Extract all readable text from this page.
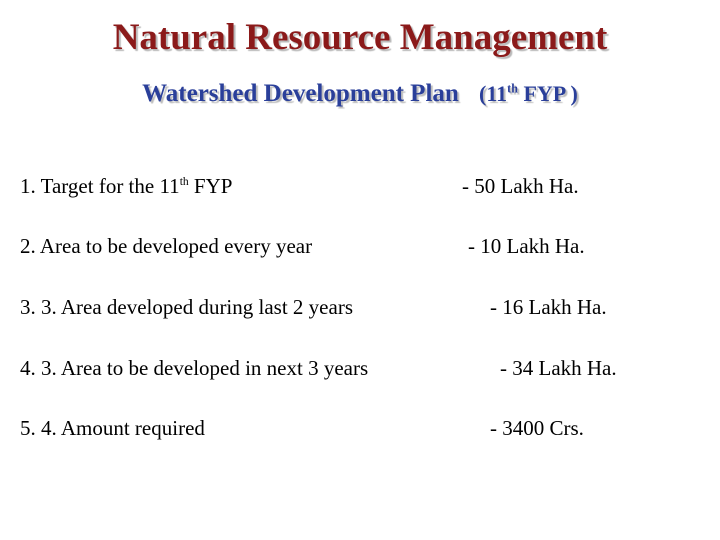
Natural Resource Management
Watershed Development Plan (11th FYP )
1. Target for the 11th FYP	- 50 Lakh Ha.
2. Area to be developed every year	- 10 Lakh Ha.
3. 3. Area developed during last 2 years	- 16 Lakh Ha.
4. 3. Area to be developed in next 3 years	- 34 Lakh Ha.
5. 4. Amount required	- 3400 Crs.
